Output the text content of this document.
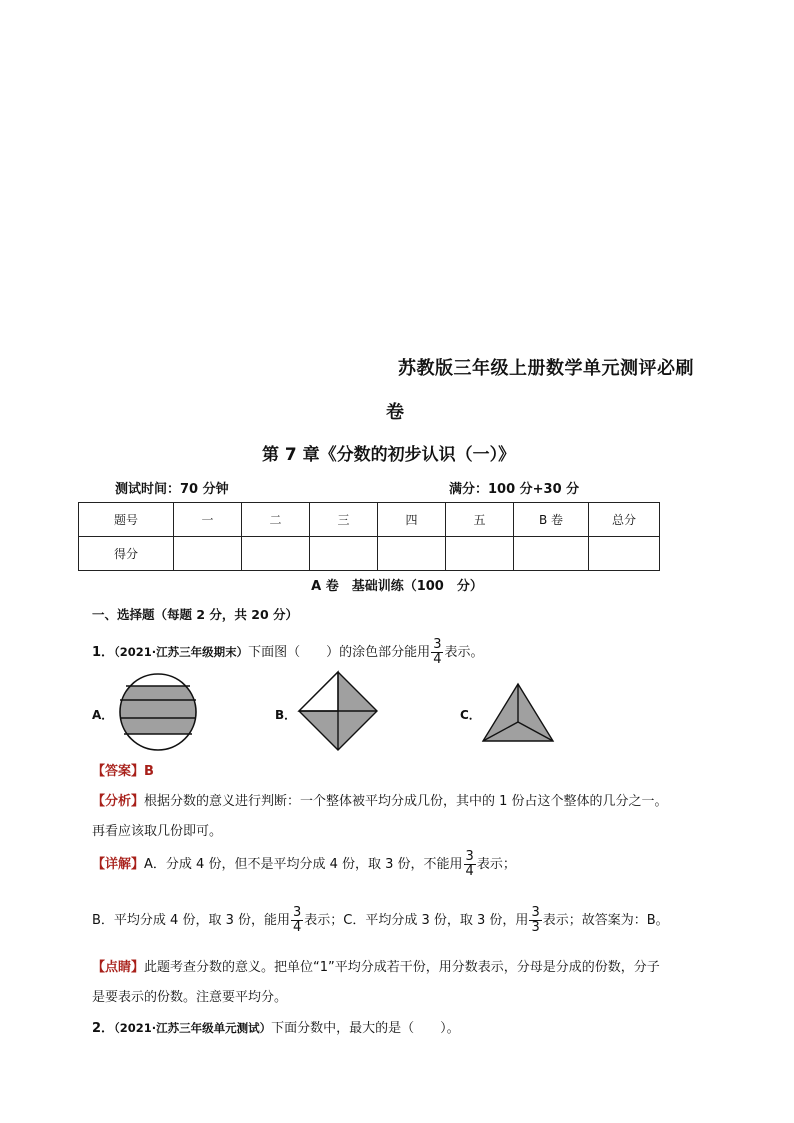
苏教版三年级上册数学单元测评必刷
卷
第 7 章《分数的初步认识（一）》
测试时间：70 分钟	满分：100 分+30 分
题号	一	二	三	四	五	B 卷	总分
得分							
A 卷　基础训练（100　分）
一、选择题（每题 2 分，共 20 分）
1．（2021·江苏三年级期末）下面图（　　）的涂色部分能用 $\frac{3}{4}$ 表示。
A．	B．	C．
【答案】B
【分析】根据分数的意义进行判断：一个整体被平均分成几份，其中的 1 份占这个整体的几分之一。
再看应该取几份即可。
【详解】A．分成 4 份，但不是平均分成 4 份，取 3 份，不能用 $\frac{3}{4}$ 表示；
B．平均分成 4 份，取 3 份，能用 $\frac{3}{4}$ 表示；C．平均分成 3 份，取 3 份，用 $\frac{3}{3}$ 表示；故答案为：B。
【点睛】此题考查分数的意义。把单位“1”平均分成若干份，用分数表示，分母是分成的份数，分子
是要表示的份数。注意要平均分。
2．（2021·江苏三年级单元测试）下面分数中，最大的是（　　）。
